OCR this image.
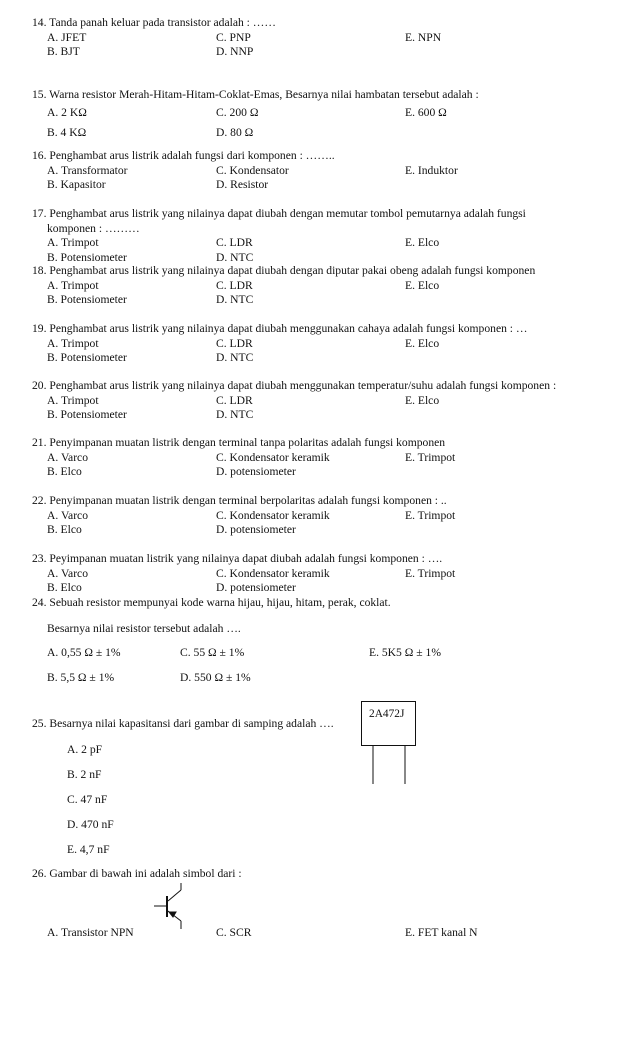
14. Tanda panah keluar pada transistor adalah : ……
A. JFET	C. PNP	E. NPN
B. BJT	D. NNP
15. Warna resistor Merah-Hitam-Hitam-Coklat-Emas, Besarnya nilai hambatan tersebut adalah :
A. 2 KΩ	C. 200 Ω	E. 600 Ω
B. 4 KΩ	D. 80 Ω
16. Penghambat arus listrik adalah fungsi dari komponen : ……..
A. Transformator	C. Kondensator	E. Induktor
B. Kapasitor	D. Resistor
17. Penghambat arus listrik yang nilainya dapat diubah dengan memutar tombol pemutarnya adalah fungsi
komponen : ………
A. Trimpot	C. LDR	E. Elco
B. Potensiometer	D. NTC
18. Penghambat arus listrik yang nilainya dapat diubah dengan diputar pakai obeng adalah fungsi komponen
A. Trimpot	C. LDR	E. Elco
B. Potensiometer	D. NTC
19. Penghambat arus listrik yang nilainya dapat diubah menggunakan cahaya adalah fungsi komponen : …
A. Trimpot	C. LDR	E. Elco
B. Potensiometer	D. NTC
20. Penghambat arus listrik yang nilainya dapat diubah menggunakan temperatur/suhu adalah fungsi komponen :
A. Trimpot	C. LDR	E. Elco
B. Potensiometer	D. NTC
21. Penyimpanan muatan listrik dengan terminal tanpa polaritas adalah fungsi komponen
A. Varco	C. Kondensator keramik	E. Trimpot
B. Elco	D. potensiometer
22. Penyimpanan muatan listrik dengan terminal berpolaritas adalah fungsi komponen : ..
A. Varco	C. Kondensator keramik	E. Trimpot
B. Elco	D. potensiometer
23. Peyimpanan muatan listrik yang nilainya dapat diubah adalah fungsi komponen : ….
A. Varco	C. Kondensator keramik	E. Trimpot
B. Elco	D. potensiometer
24. Sebuah resistor mempunyai kode warna hijau, hijau, hitam, perak, coklat.
Besarnya nilai resistor tersebut adalah ….
A. 0,55 Ω ± 1%	C. 55 Ω ± 1%	E. 5K5 Ω ± 1%
B. 5,5 Ω ± 1%	D. 550 Ω ± 1%
25. Besarnya nilai kapasitansi dari gambar di samping adalah ….
2A472J
A. 2 pF
B. 2 nF
C. 47 nF
D. 470 nF
E. 4,7 nF
26. Gambar di bawah ini adalah simbol dari :
A. Transistor NPN	C. SCR	E. FET kanal N
